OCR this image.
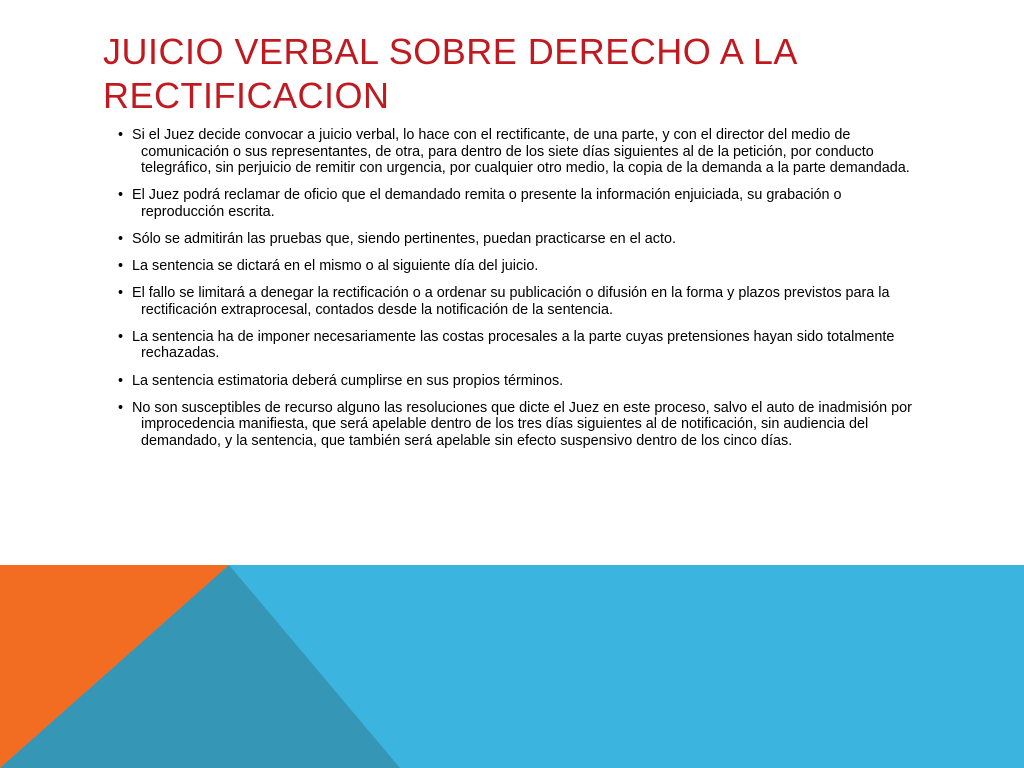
JUICIO VERBAL SOBRE DERECHO A LA RECTIFICACION
• Si el Juez decide convocar a juicio verbal, lo hace con el rectificante, de una parte, y con el director del medio de comunicación o sus representantes, de otra, para dentro de los siete días siguientes al de la petición, por conducto telegráfico, sin perjuicio de remitir con urgencia, por cualquier otro medio, la copia de la demanda a la parte demandada.
• El Juez podrá reclamar de oficio que el demandado remita o presente la información enjuiciada, su grabación o reproducción escrita.
• Sólo se admitirán las pruebas que, siendo pertinentes, puedan practicarse en el acto.
• La sentencia se dictará en el mismo o al siguiente día del juicio.
• El fallo se limitará a denegar la rectificación o a ordenar su publicación o difusión en la forma y plazos previstos para la rectificación extraprocesal, contados desde la notificación de la sentencia.
• La sentencia ha de imponer necesariamente las costas procesales a la parte cuyas pretensiones hayan sido totalmente rechazadas.
• La sentencia estimatoria deberá cumplirse en sus propios términos.
• No son susceptibles de recurso alguno las resoluciones que dicte el Juez en este proceso, salvo el auto de inadmisión por improcedencia manifiesta, que será apelable dentro de los tres días siguientes al de notificación, sin audiencia del demandado, y la sentencia, que también será apelable sin efecto suspensivo dentro de los cinco días.
